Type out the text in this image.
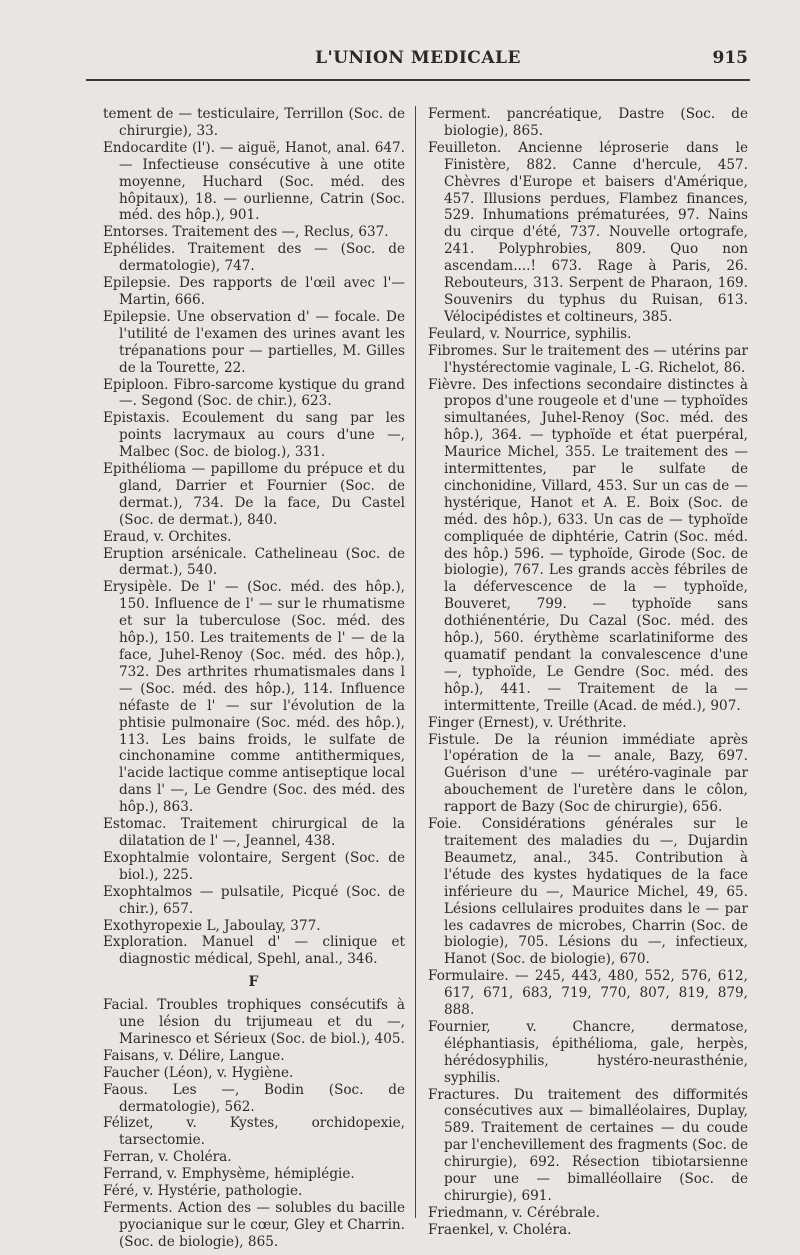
L'UNION MEDICALE	915

tement de — testiculaire, Terrillon (Soc. de chirurgie), 33.

Endocardite (l'). — aiguë, Hanot, anal. 647. — Infectieuse consécutive à une otite moyenne, Huchard (Soc. méd. des hôpitaux), 18. — ourlienne, Catrin (Soc. méd. des hôp.), 901.

Entorses. Traitement des —, Reclus, 637.

Ephélides. Traitement des — (Soc. de dermatologie), 747.

Epilepsie. Des rapports de l'œil avec l'— Martin, 666.

Epilepsie. Une observation d' — focale. De l'utilité de l'examen des urines avant les trépanations pour — partielles, M. Gilles de la Tourette, 22.

Epiploon. Fibro-sarcome kystique du grand —. Segond (Soc. de chir.), 623.

Epistaxis. Ecoulement du sang par les points lacrymaux au cours d'une —, Malbec (Soc. de biolog.), 331.

Epithélioma — papillome du prépuce et du gland, Darrier et Fournier (Soc. de dermat.), 734. De la face, Du Castel (Soc. de dermat.), 840.

Eraud, v. Orchites.

Eruption arsénicale. Cathelineau (Soc. de dermat.), 540.

Erysipèle. De l' — (Soc. méd. des hôp.), 150. Influence de l' — sur le rhumatisme et sur la tuberculose (Soc. méd. des hôp.), 150. Les traitements de l' — de la face, Juhel-Renoy (Soc. méd. des hôp.), 732. Des arthrites rhumatismales dans l — (Soc. méd. des hôp.), 114. Influence néfaste de l' — sur l'évolution de la phtisie pulmonaire (Soc. méd. des hôp.), 113. Les bains froids, le sulfate de cinchonamine comme antithermiques, l'acide lactique comme antiseptique local dans l' —, Le Gendre (Soc. des méd. des hôp.), 863.

Estomac. Traitement chirurgical de la dilatation de l' —, Jeannel, 438.

Exophtalmie volontaire, Sergent (Soc. de biol.), 225.

Exophtalmos — pulsatile, Picqué (Soc. de chir.), 657.

Exothyropexie L, Jaboulay, 377.

Exploration. Manuel d' — clinique et diagnostic médical, Spehl, anal., 346.

F

Facial. Troubles trophiques consécutifs à une lésion du trijumeau et du —, Marinesco et Sérieux (Soc. de biol.), 405.

Faisans, v. Délire, Langue.

Faucher (Léon), v. Hygiène.

Faous. Les —, Bodin (Soc. de dermatologie), 562.

Félizet, v. Kystes, orchidopexie, tarsectomie.

Ferran, v. Choléra.

Ferrand, v. Emphysème, hémiplégie.

Féré, v. Hystérie, pathologie.

Ferments. Action des — solubles du bacille pyocianique sur le cœur, Gley et Charrin. (Soc. de biologie), 865.

Ferment. pancréatique, Dastre (Soc. de biologie), 865.

Feuilleton. Ancienne léproserie dans le Finistère, 882. Canne d'hercule, 457. Chèvres d'Europe et baisers d'Amérique, 457. Illusions perdues, Flambez finances, 529. Inhumations prématurées, 97. Nains du cirque d'été, 737. Nouvelle ortografe, 241. Polyphrobies, 809. Quo non ascendam....! 673. Rage à Paris, 26. Rebouteurs, 313. Serpent de Pharaon, 169. Souvenirs du typhus du Ruisan, 613. Vélocipédistes et coltineurs, 385.

Feulard, v. Nourrice, syphilis.

Fibromes. Sur le traitement des — utérins par l'hystérectomie vaginale, L -G. Richelot, 86.

Fièvre. Des infections secondaire distinctes à propos d'une rougeole et d'une — typhoïdes simultanées, Juhel-Renoy (Soc. méd. des hôp.), 364. — typhoïde et état puerpéral, Maurice Michel, 355. Le traitement des — intermittentes, par le sulfate de cinchonidine, Villard, 453. Sur un cas de — hystérique, Hanot et A. E. Boix (Soc. de méd. des hôp.), 633. Un cas de — typhoïde compliquée de diphtérie, Catrin (Soc. méd. des hôp.) 596. — typhoïde, Girode (Soc. de biologie), 767. Les grands accès fébriles de la défervescence de la — typhoïde, Bouveret, 799. — typhoïde sans dothiénentérie, Du Cazal (Soc. méd. des hôp.), 560. érythème scarlatiniforme des quamatif pendant la convalescence d'une —, typhoïde, Le Gendre (Soc. méd. des hôp.), 441. — Traitement de la — intermittente, Treille (Acad. de méd.), 907.

Finger (Ernest), v. Uréthrite.

Fistule. De la réunion immédiate après l'opération de la — anale, Bazy, 697. Guérison d'une — urétéro-vaginale par abouchement de l'uretère dans le côlon, rapport de Bazy (Soc de chirurgie), 656.

Foie. Considérations générales sur le traitement des maladies du —, Dujardin Beaumetz, anal., 345. Contribution à l'étude des kystes hydatiques de la face inférieure du —, Maurice Michel, 49, 65. Lésions cellulaires produites dans le — par les cadavres de microbes, Charrin (Soc. de biologie), 705. Lésions du —, infectieux, Hanot (Soc. de biologie), 670.

Formulaire. — 245, 443, 480, 552, 576, 612, 617, 671, 683, 719, 770, 807, 819, 879, 888.

Fournier, v. Chancre, dermatose, éléphantiasis, épithélioma, gale, herpès, hérédosyphilis, hystéro-neurasthénie, syphilis.

Fractures. Du traitement des difformités consécutives aux — bimalléolaires, Duplay, 589. Traitement de certaines — du coude par l'enchevillement des fragments (Soc. de chirurgie), 692. Résection tibiotarsienne pour une — bimalléollaire (Soc. de chirurgie), 691.

Friedmann, v. Cérébrale.

Fraenkel, v. Choléra.
